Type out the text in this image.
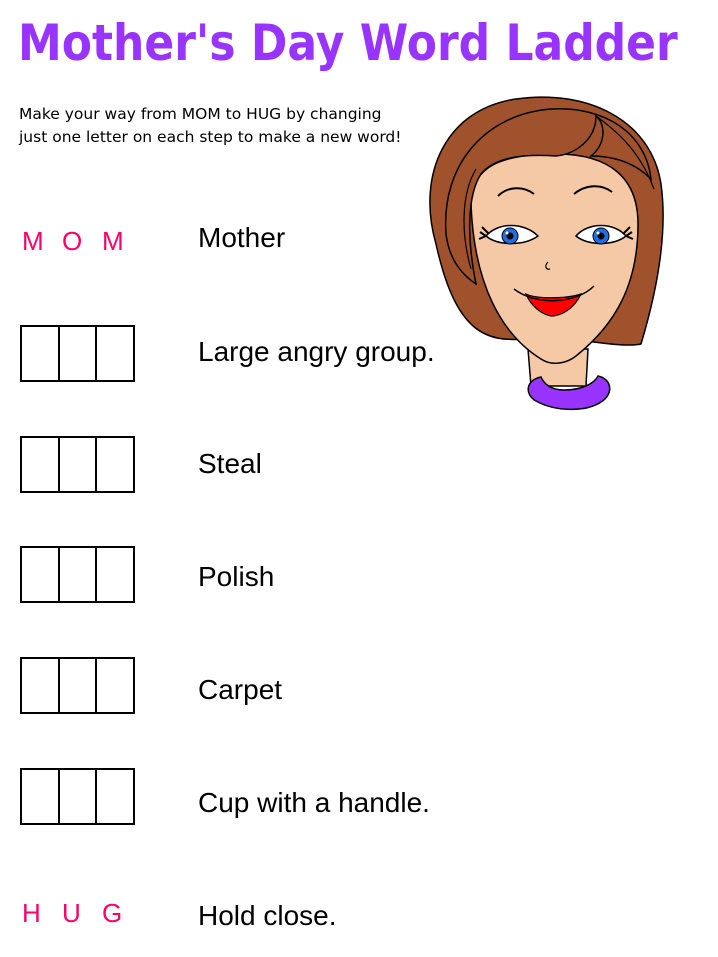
Mother's Day Word Ladder

Make your way from MOM to HUG by changing just one letter on each step to make a new word!

M O M	Mother
Large angry group.
Steal
Polish
Carpet
Cup with a handle.
H U G	Hold close.
